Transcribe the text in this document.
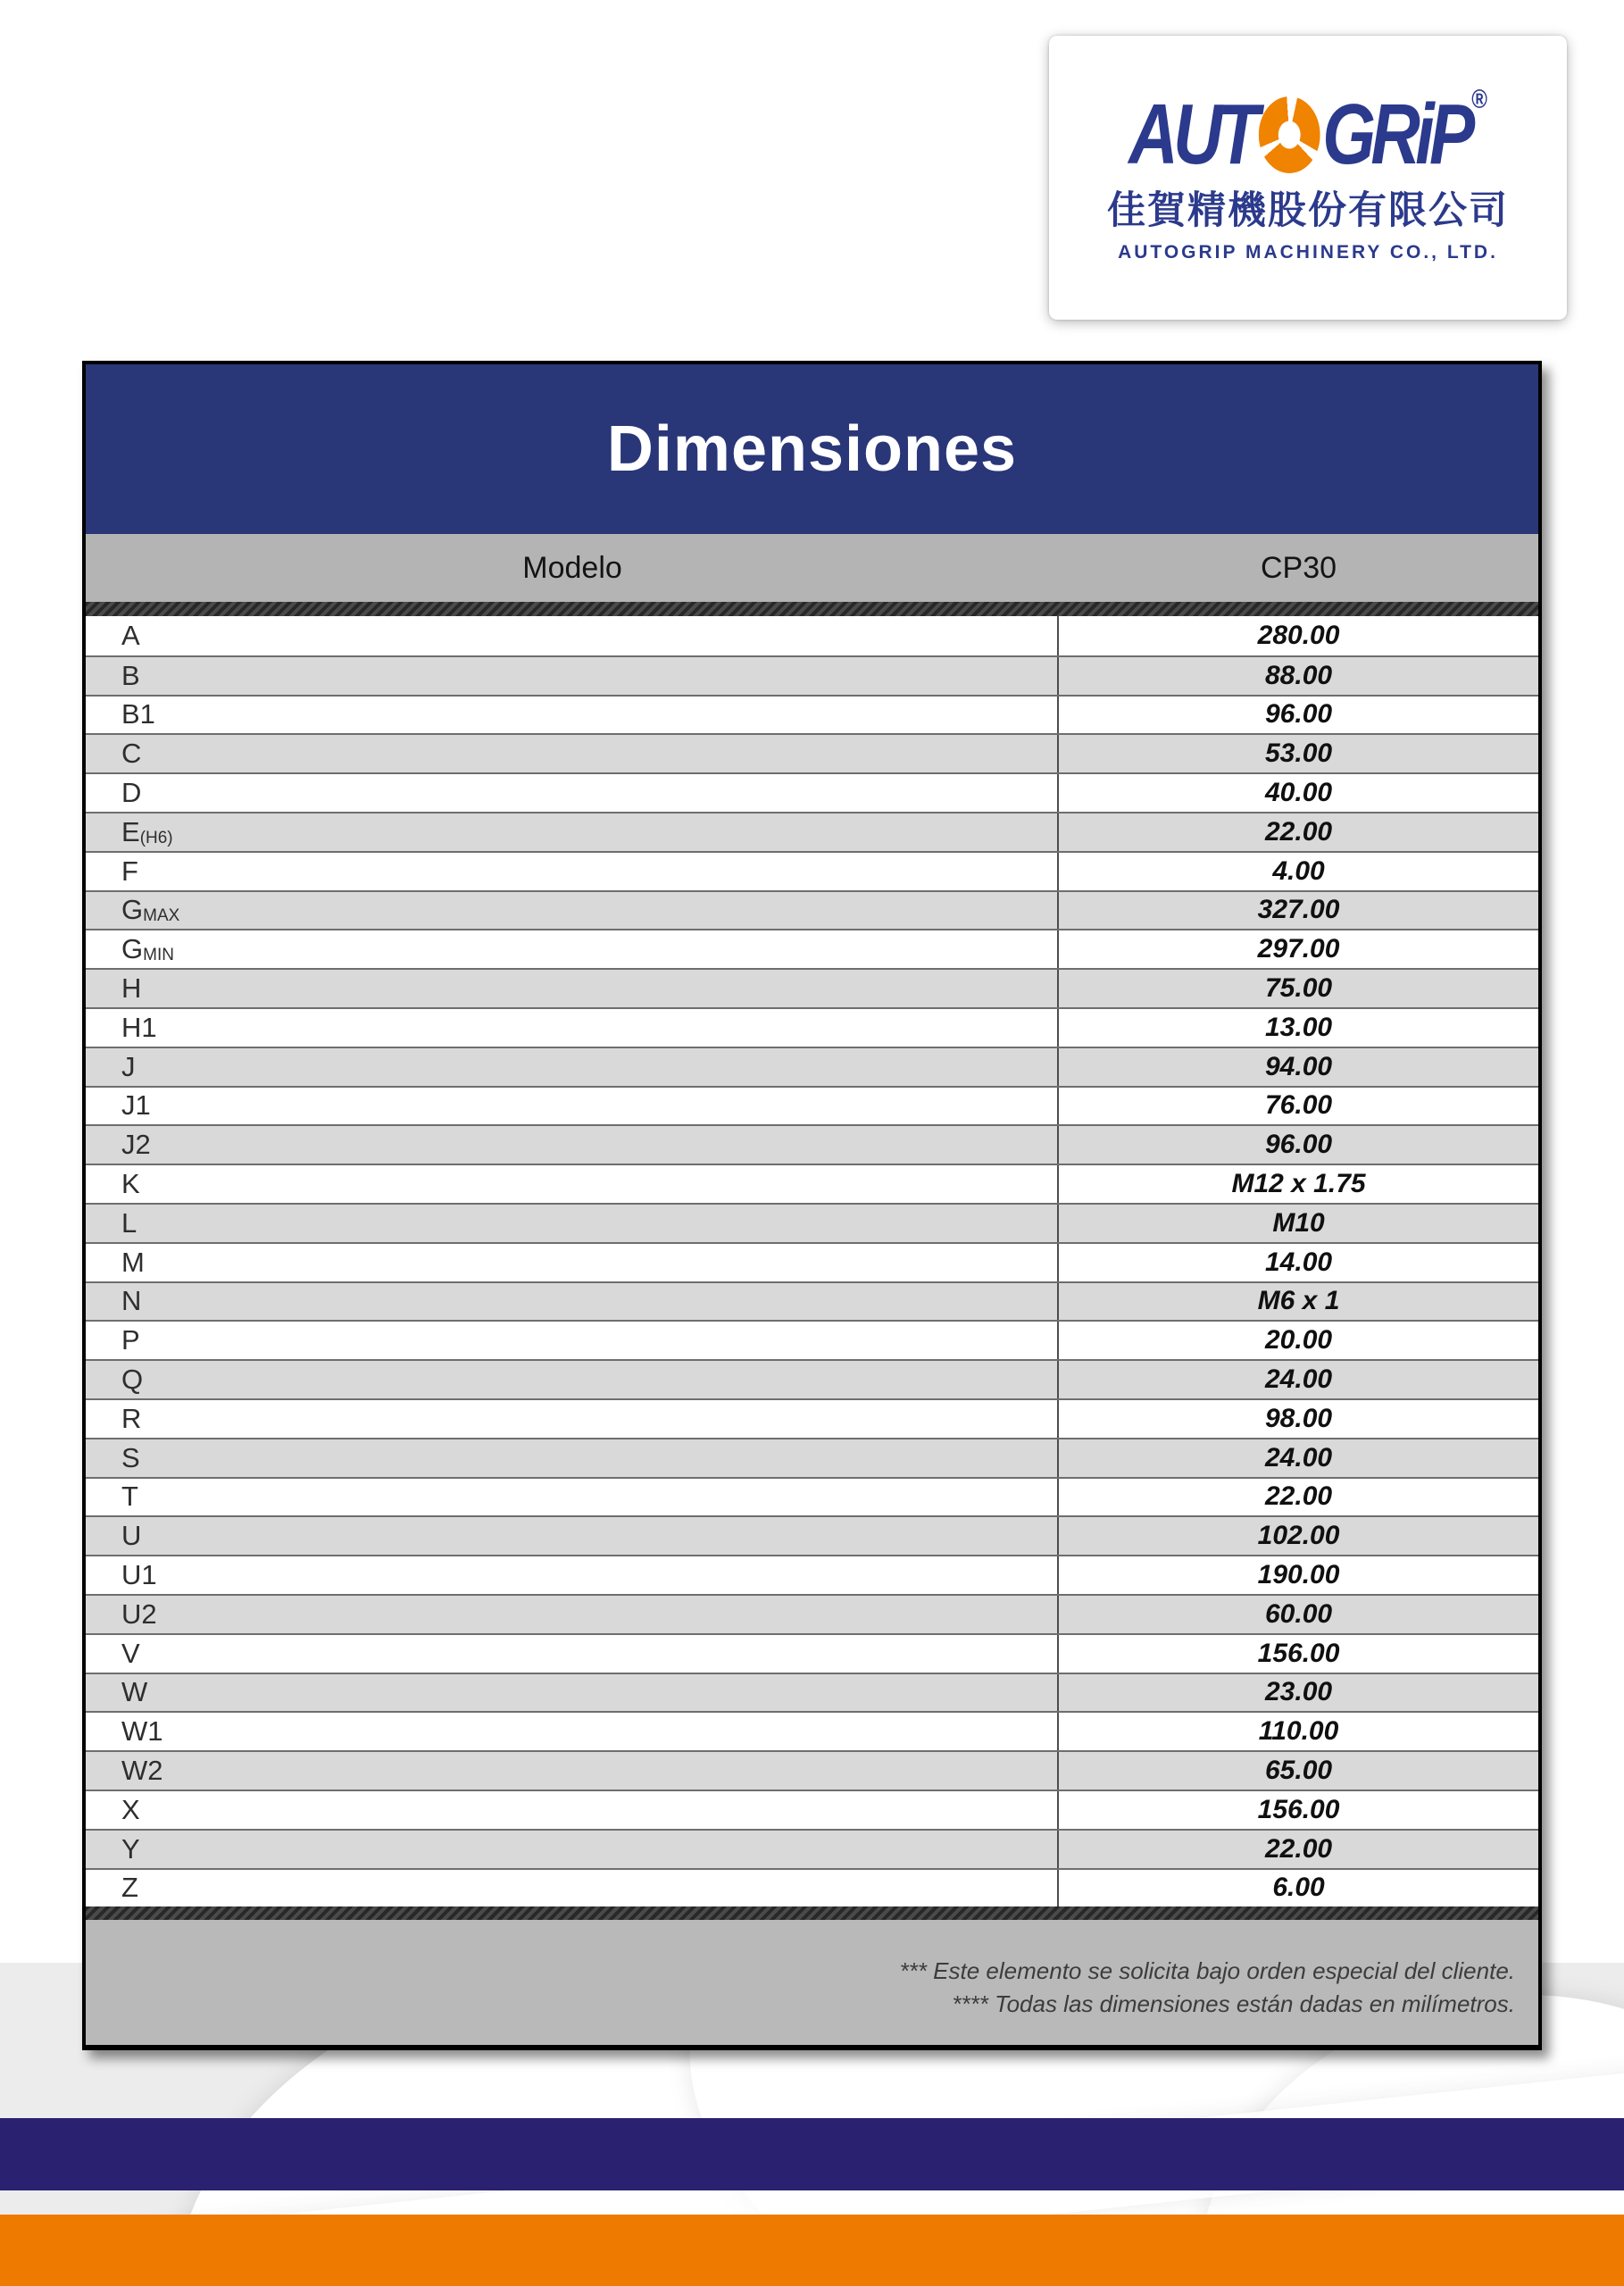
AUT GRiP ®
佳賀精機股份有限公司
AUTOGRIP MACHINERY CO., LTD.
Dimensiones
Modelo	CP30
A	280.00
B	88.00
B1	96.00
C	53.00
D	40.00
E (H6)	22.00
F	4.00
G MAX	327.00
G MIN	297.00
H	75.00
H1	13.00
J	94.00
J1	76.00
J2	96.00
K	M12 x 1.75
L	M10
M	14.00
N	M6 x 1
P	20.00
Q	24.00
R	98.00
S	24.00
T	22.00
U	102.00
U1	190.00
U2	60.00
V	156.00
W	23.00
W1	110.00
W2	65.00
X	156.00
Y	22.00
Z	6.00
*** Este elemento se solicita bajo orden especial del cliente.
**** Todas las dimensiones están dadas en milímetros.
